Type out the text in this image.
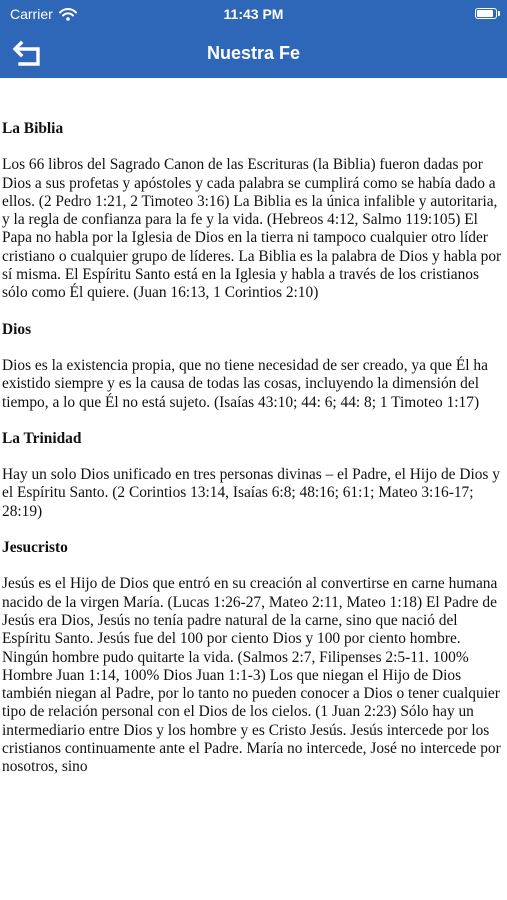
Carrier	11:43 PM
Nuestra Fe
La Biblia
Los 66 libros del Sagrado Canon de las Escrituras (la Biblia) fueron dadas por Dios a sus profetas y apóstoles y cada palabra se cumplirá como se había dado a ellos. (2 Pedro 1:21, 2 Timoteo 3:16) La Biblia es la única infalible y autoritaria, y la regla de confianza para la fe y la vida. (Hebreos 4:12, Salmo 119:105) El Papa no habla por la Iglesia de Dios en la tierra ni tampoco cualquier otro líder cristiano o cualquier grupo de líderes. La Biblia es la palabra de Dios y habla por sí misma. El Espíritu Santo está en la Iglesia y habla a través de los cristianos sólo como Él quiere. (Juan 16:13, 1 Corintios 2:10)
Dios
Dios es la existencia propia, que no tiene necesidad de ser creado, ya que Él ha existido siempre y es la causa de todas las cosas, incluyendo la dimensión del tiempo, a lo que Él no está sujeto. (Isaías 43:10; 44: 6; 44: 8; 1 Timoteo 1:17)
La Trinidad
Hay un solo Dios unificado en tres personas divinas – el Padre, el Hijo de Dios y el Espíritu Santo. (2 Corintios 13:14, Isaías 6:8; 48:16; 61:1; Mateo 3:16-17; 28:19)
Jesucristo
Jesús es el Hijo de Dios que entró en su creación al convertirse en carne humana nacido de la virgen María. (Lucas 1:26-27, Mateo 2:11, Mateo 1:18) El Padre de Jesús era Dios, Jesús no tenía padre natural de la carne, sino que nació del Espíritu Santo. Jesús fue del 100 por ciento Dios y 100 por ciento hombre. Ningún hombre pudo quitarte la vida. (Salmos 2:7, Filipenses 2:5-11. 100% Hombre Juan 1:14, 100% Dios Juan 1:1-3) Los que niegan el Hijo de Dios también niegan al Padre, por lo tanto no pueden conocer a Dios o tener cualquier tipo de relación personal con el Dios de los cielos. (1 Juan 2:23) Sólo hay un intermediario entre Dios y los hombre y es Cristo Jesús. Jesús intercede por los cristianos continuamente ante el Padre. María no intercede, José no intercede por nosotros, sino
